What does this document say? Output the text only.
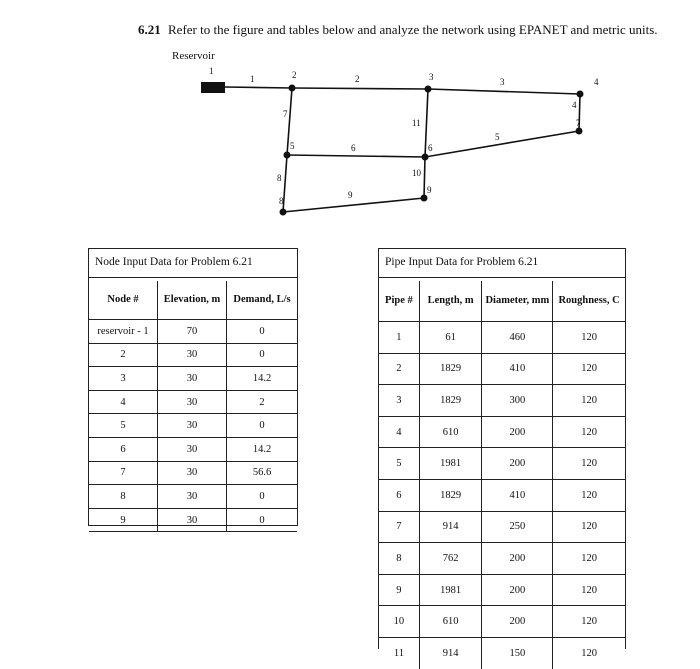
6.21 Refer to the figure and tables below and analyze the network using EPANET and metric units.
Reservoir
1	2	3	4
5	6
7
8
9
1	2	3
4
5
6
7
8
9
10
11
Node Input Data for Problem 6.21
Node #	Elevation, m	Demand, L/s
reservoir - 1	70	0
2	30	0
3	30	14.2
4	30	2
5	30	0
6	30	14.2
7	30	56.6
8	30	0
9	30	0
Pipe Input Data for Problem 6.21
Pipe #	Length, m	Diameter, mm	Roughness, C
1	61	460	120
2	1829	410	120
3	1829	300	120
4	610	200	120
5	1981	200	120
6	1829	410	120
7	914	250	120
8	762	200	120
9	1981	200	120
10	610	200	120
11	914	150	120
